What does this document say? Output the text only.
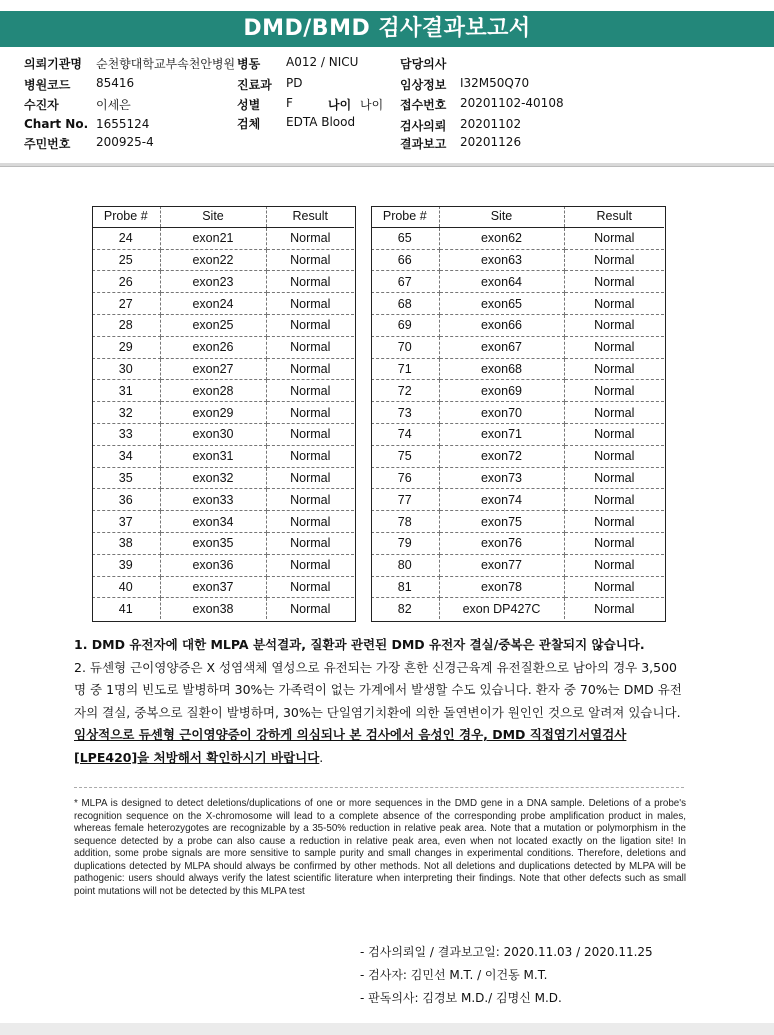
DMD/BMD 검사결과보고서
의뢰기관명 순천향대학교부속천안병원 병동 A012 / NICU	담당의사
병원코드 85416	진료과 PD	임상정보 I32M50Q70
수진자	이세은	성별 F	나이 나이 접수번호 20201102-40108
Chart No. 1655124	검체 EDTA Blood	검사의뢰 20201102
주민번호 200925-4	결과보고 20201126
Probe #	Site	Result
24	exon21	Normal
25	exon22	Normal
26	exon23	Normal
27	exon24	Normal
28	exon25	Normal
29	exon26	Normal
30	exon27	Normal
31	exon28	Normal
32	exon29	Normal
33	exon30	Normal
34	exon31	Normal
35	exon32	Normal
36	exon33	Normal
37	exon34	Normal
38	exon35	Normal
39	exon36	Normal
40	exon37	Normal
41	exon38	Normal
Probe #	Site	Result
65	exon62	Normal
66	exon63	Normal
67	exon64	Normal
68	exon65	Normal
69	exon66	Normal
70	exon67	Normal
71	exon68	Normal
72	exon69	Normal
73	exon70	Normal
74	exon71	Normal
75	exon72	Normal
76	exon73	Normal
77	exon74	Normal
78	exon75	Normal
79	exon76	Normal
80	exon77	Normal
81	exon78	Normal
82	exon DP427C	Normal
1. DMD 유전자에 대한 MLPA 분석결과, 질환과 관련된 DMD 유전자 결실/중복은 관찰되지 않습니다.
2. 듀센형 근이영양증은 X 성염색체 열성으로 유전되는 가장 흔한 신경근육계 유전질환으로 남아의 경우 3,500명 중 1명의 빈도로 발병하며 30%는 가족력이 없는 가계에서 발생할 수도 있습니다. 환자 중 70%는 DMD 유전자의 결실, 중복으로 질환이 발병하며, 30%는 단일염기치환에 의한 돌연변이가 원인인 것으로 알려져 있습니다. 임상적으로 듀센형 근이영양증이 강하게 의심되나 본 검사에서 음성인 경우, DMD 직접염기서열검사 [LPE420]을 처방해서 확인하시기 바랍니다.
* MLPA is designed to detect deletions/duplications of one or more sequences in the DMD gene in a DNA sample. Deletions of a probe's recognition sequence on the X-chromosome will lead to a complete absence of the corresponding probe amplification product in males, whereas female heterozygotes are recognizable by a 35-50% reduction in relative peak area. Note that a mutation or polymorphism in the sequence detected by a probe can also cause a reduction in relative peak area, even when not located exactly on the ligation site! In addition, some probe signals are more sensitive to sample purity and small changes in experimental conditions. Therefore, deletions and duplications detected by MLPA should always be confirmed by other methods. Not all deletions and duplications detected by MLPA will be pathogenic: users should always verify the latest scientific literature when interpreting their findings. Note that other defects such as small point mutations will not be detected by this MLPA test
- 검사의뢰일 / 결과보고일: 2020.11.03 / 2020.11.25
- 검사자: 김민선 M.T. / 이건동 M.T.
- 판독의사: 김경보 M.D./ 김명신 M.D.
